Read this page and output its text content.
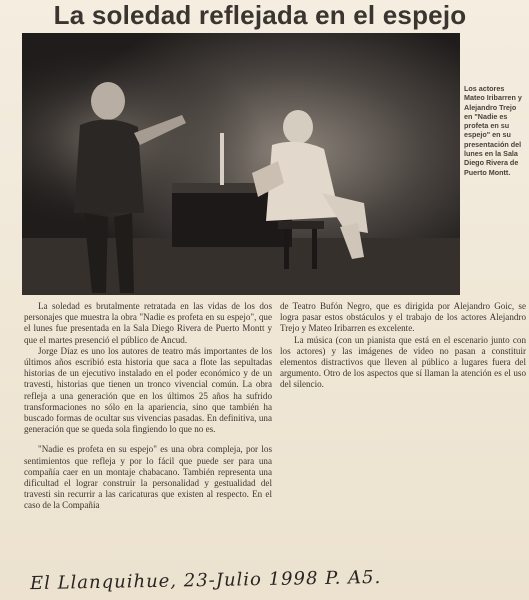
La soledad reflejada en el espejo
Los actores Mateo Iribarren y Alejandro Trejo en "Nadie es profeta en su espejo" en su presentación del lunes en la Sala Diego Rivera de Puerto Montt.

La soledad es brutalmente retratada en las vidas de los dos personajes que muestra la obra "Nadie es profeta en su espejo", que el lunes fue presentada en la Sala Diego Rivera de Puerto Montt y que el martes presenció el público de Ancud.

Jorge Díaz es uno los autores de teatro más importantes de los últimos años escribió esta historia que saca a flote las sepultadas historias de un ejecutivo instalado en el poder económico y de un travesti, historias que tienen un tronco vivencial común. La obra refleja a una generación que en los últimos 25 años ha sufrido transformaciones no sólo en la apariencia, sino que también ha buscado formas de ocultar sus vivencias pasadas. En definitiva, una generación que se queda sola fingiendo lo que no es.

"Nadie es profeta en su espejo" es una obra compleja, por los sentimientos que refleja y por lo fácil que puede ser para una compañía caer en un montaje chabacano. También representa una dificultad el lograr construir la personalidad y gestualidad del travesti sin recurrir a las caricaturas que existen al respecto. En el caso de la Compañía

de Teatro Bufón Negro, que es dirigida por Alejandro Goic, se logra pasar estos obstáculos y el trabajo de los actores Alejandro Trejo y Mateo Iribarren es excelente.

La música (con un pianista que está en el escenario junto con los actores) y las imágenes de video no pasan a constituir elementos distractivos que lleven al público a lugares fuera del argumento. Otro de los aspectos que sí llaman la atención es el uso del silencio.

El Llanquihue, 23-Julio 1998 P. A5.
